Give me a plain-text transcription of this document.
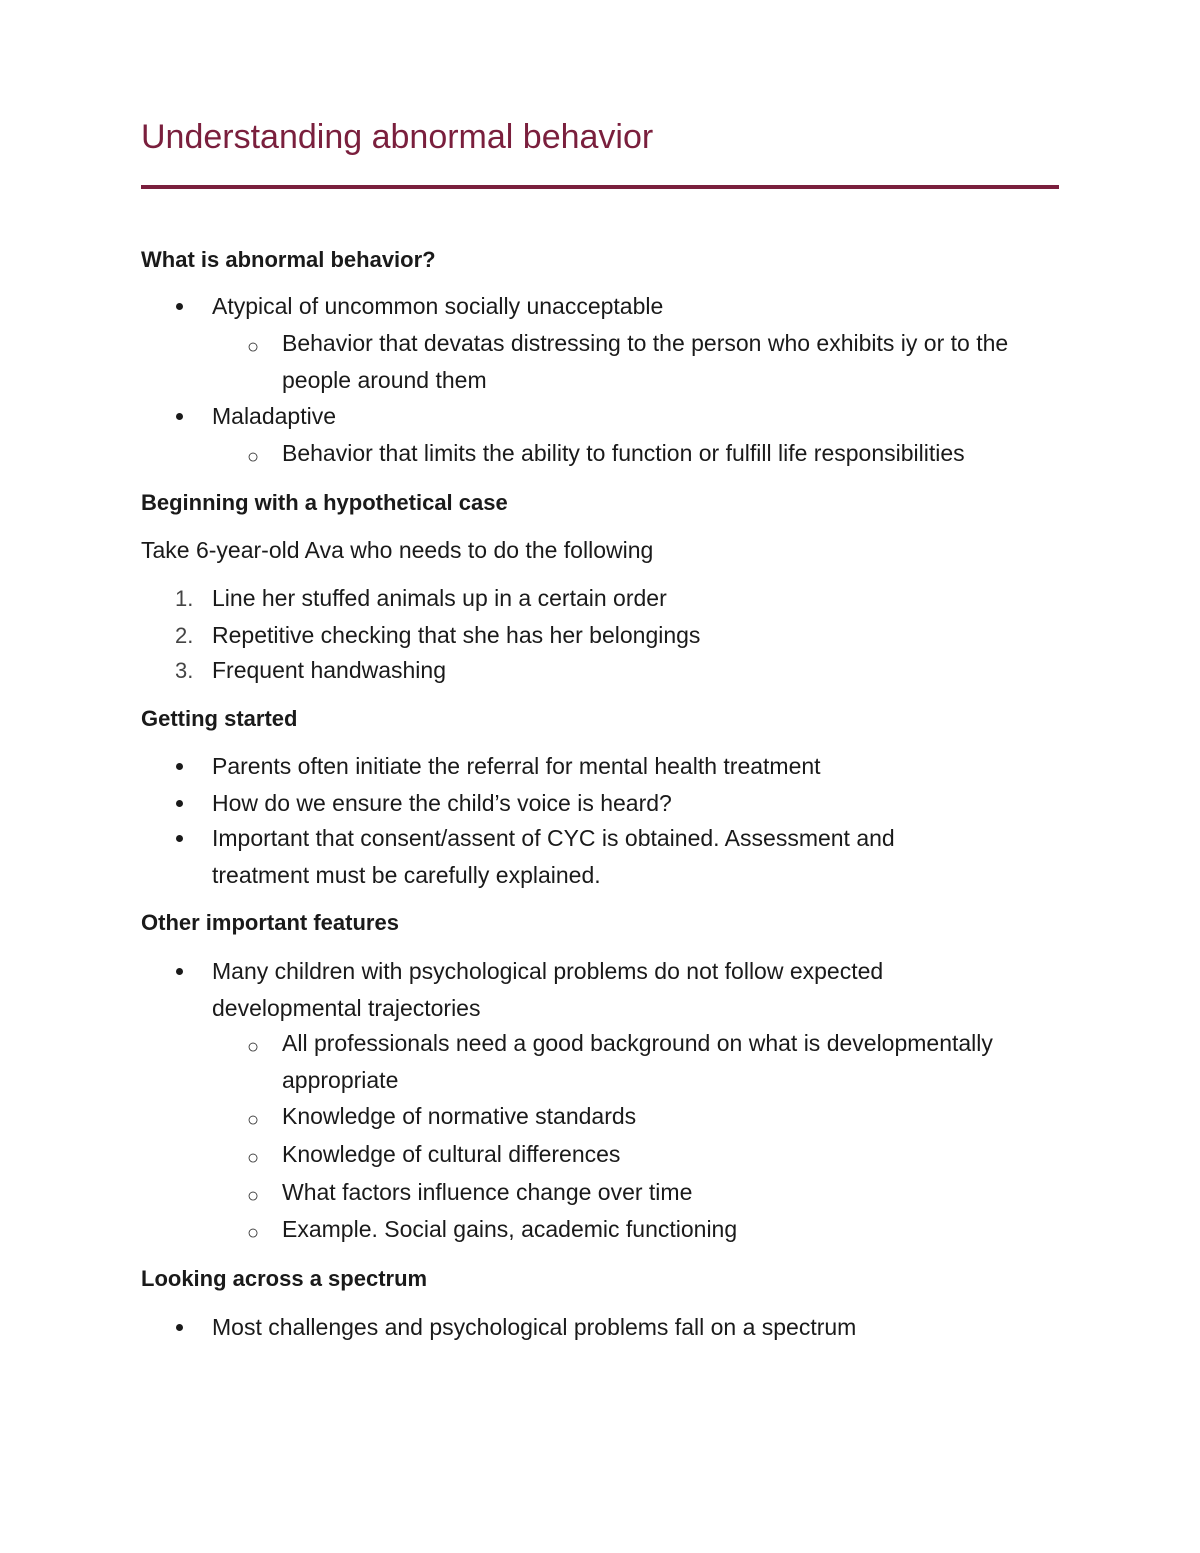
Understanding abnormal behavior
What is abnormal behavior?
Atypical of uncommon socially unacceptable
○ Behavior that devatas distressing to the person who exhibits iy or to the people around them
Maladaptive
○ Behavior that limits the ability to function or fulfill life responsibilities
Beginning with a hypothetical case
Take 6-year-old Ava who needs to do the following
1. Line her stuffed animals up in a certain order
2. Repetitive checking that she has her belongings
3. Frequent handwashing
Getting started
Parents often initiate the referral for mental health treatment
How do we ensure the child’s voice is heard?
Important that consent/assent of CYC is obtained. Assessment and treatment must be carefully explained.
Other important features
Many children with psychological problems do not follow expected developmental trajectories
○ All professionals need a good background on what is developmentally appropriate
○ Knowledge of normative standards
○ Knowledge of cultural differences
○ What factors influence change over time
○ Example. Social gains, academic functioning
Looking across a spectrum
Most challenges and psychological problems fall on a spectrum
